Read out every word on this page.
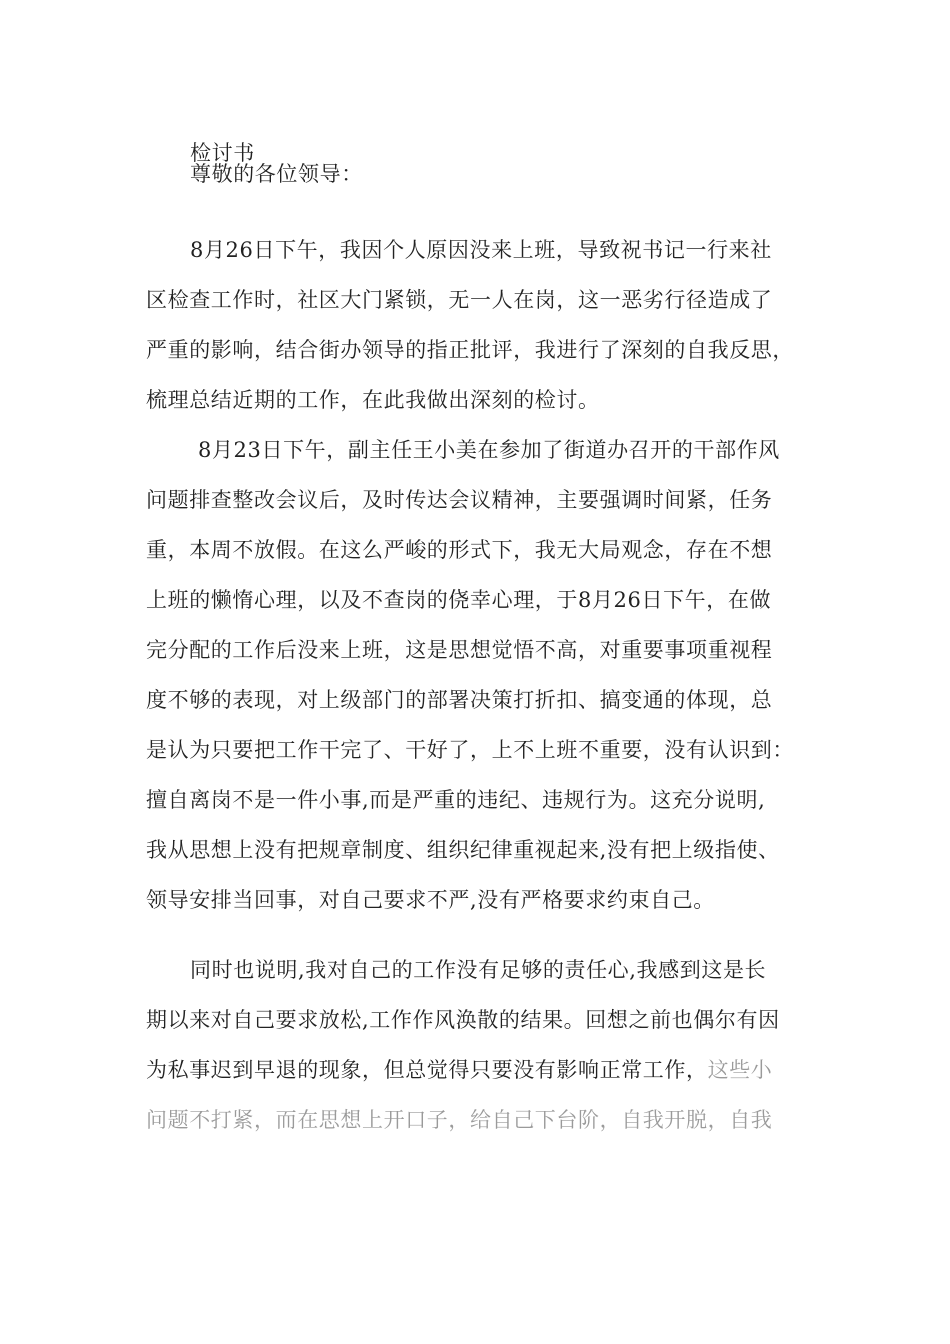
检讨书
尊敬的各位领导：
8月26日下午，我因个人原因没来上班，导致祝书记一行来社
区检查工作时，社区大门紧锁，无一人在岗，这一恶劣行径造成了
严重的影响，结合街办领导的指正批评，我进行了深刻的自我反思，
梳理总结近期的工作，在此我做出深刻的检讨。
8月23日下午，副主任王小美在参加了街道办召开的干部作风
问题排查整改会议后，及时传达会议精神，主要强调时间紧，任务
重，本周不放假。在这么严峻的形式下，我无大局观念，存在不想
上班的懒惰心理，以及不查岗的侥幸心理，于8月26日下午，在做
完分配的工作后没来上班，这是思想觉悟不高，对重要事项重视程
度不够的表现，对上级部门的部署决策打折扣、搞变通的体现，总
是认为只要把工作干完了、干好了，上不上班不重要，没有认识到：
擅自离岗不是一件小事,而是严重的违纪、违规行为。这充分说明,
我从思想上没有把规章制度、组织纪律重视起来,没有把上级指使、
领导安排当回事，对自己要求不严,没有严格要求约束自己。
同时也说明,我对自己的工作没有足够的责任心,我感到这是长
期以来对自己要求放松,工作作风涣散的结果。回想之前也偶尔有因
为私事迟到早退的现象，但总觉得只要没有影响正常工作，这些小
问题不打紧，而在思想上开口子，给自己下台阶，自我开脱，自我
